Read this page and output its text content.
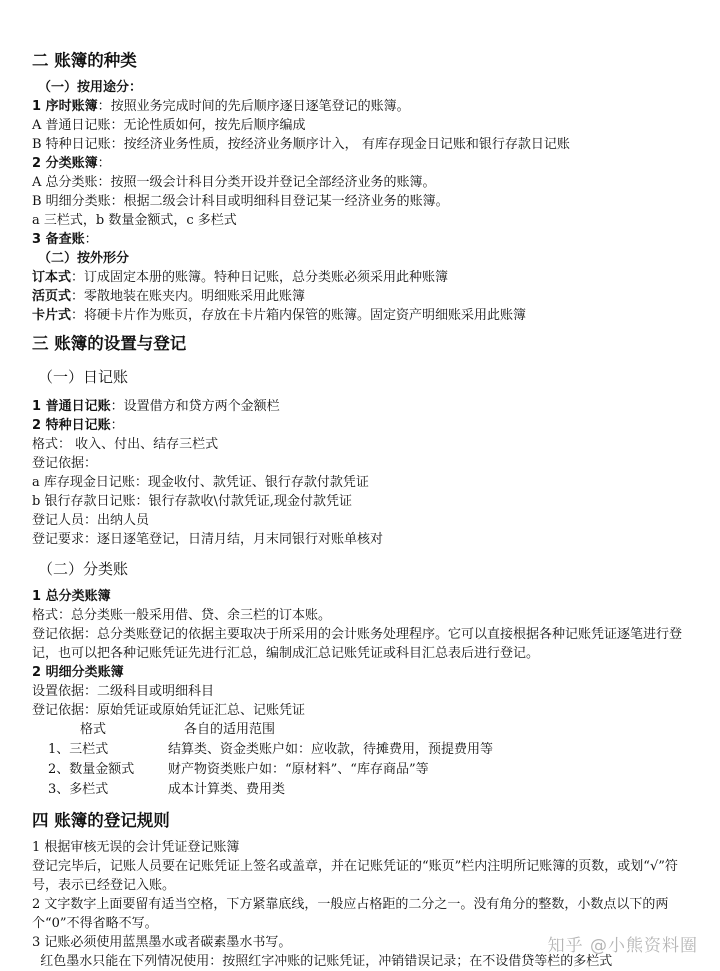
二 账簿的种类
（一）按用途分：
1 序时账簿：按照业务完成时间的先后顺序逐日逐笔登记的账簿。
A 普通日记账：无论性质如何，按先后顺序编成
B 特种日记账：按经济业务性质，按经济业务顺序计入， 有库存现金日记账和银行存款日记账
2 分类账簿：
A 总分类账：按照一级会计科目分类开设并登记全部经济业务的账簿。
B 明细分类账：根据二级会计科目或明细科目登记某一经济业务的账簿。
a 三栏式，b 数量金额式，c 多栏式
3 备查账：
（二）按外形分
订本式：订成固定本册的账簿。特种日记账，总分类账必须采用此种账簿
活页式：零散地装在账夹内。明细账采用此账簿
卡片式：将硬卡片作为账页，存放在卡片箱内保管的账簿。固定资产明细账采用此账簿
三 账簿的设置与登记
（一）日记账
1 普通日记账：设置借方和贷方两个金额栏
2 特种日记账：
格式： 收入、付出、结存三栏式
登记依据：
a 库存现金日记账：现金收付、款凭证、银行存款付款凭证
b 银行存款日记账：银行存款收\付款凭证,现金付款凭证
登记人员：出纳人员
登记要求：逐日逐笔登记，日清月结，月末同银行对账单核对
（二）分类账
1 总分类账簿
格式：总分类账一般采用借、贷、余三栏的订本账。
登记依据：总分类账登记的依据主要取决于所采用的会计账务处理程序。它可以直接根据各种记账凭证逐笔进行登记，也可以把各种记账凭证先进行汇总，编制成汇总记账凭证或科目汇总表后进行登记。
2 明细分类账簿
设置依据：二级科目或明细科目
登记依据：原始凭证或原始凭证汇总、记账凭证
格式	各自的适用范围
1、三栏式	结算类、资金类账户如：应收款，待摊费用，预提费用等
2、数量金额式	财产物资类账户如：“原材料”、“库存商品”等
3、多栏式	成本计算类、费用类
四 账簿的登记规则
1 根据审核无误的会计凭证登记账簿
登记完毕后，记账人员要在记账凭证上签名或盖章，并在记账凭证的“账页”栏内注明所记账簿的页数，或划“√”符号，表示已经登记入账。
2 文字数字上面要留有适当空格，下方紧靠底线，一般应占格距的二分之一。没有角分的整数，小数点以下的两个“0”不得省略不写。
3 记账必须使用蓝黑墨水或者碳素墨水书写。
红色墨水只能在下列情况使用：按照红字冲账的记账凭证，冲销错误记录；在不设借贷等栏的多栏式
知乎 @小熊资料圈
